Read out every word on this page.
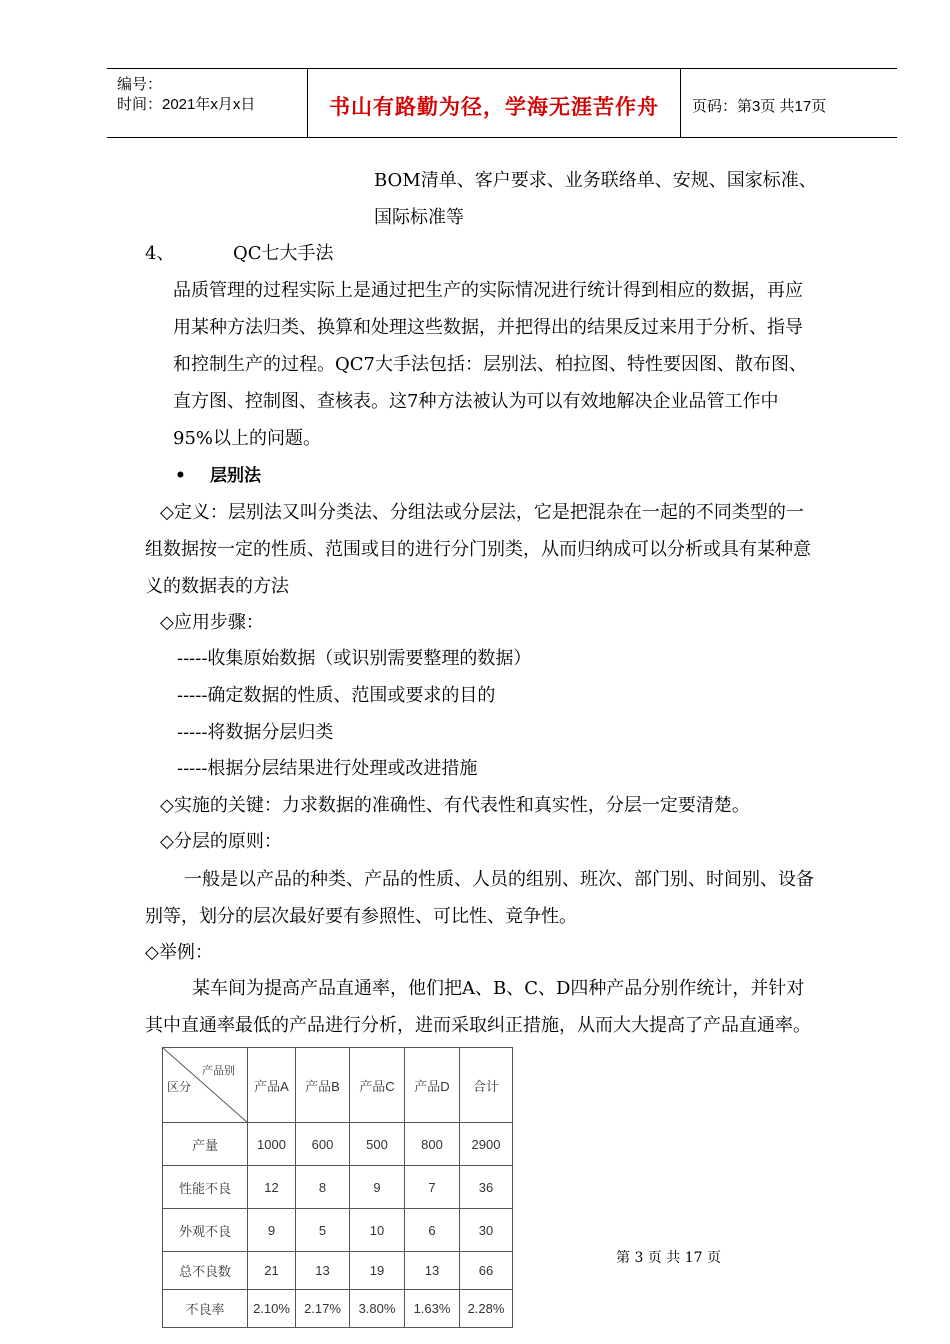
编号：
时间：2021年x月x日	书山有路勤为径，学海无涯苦作舟	页码：第3页 共17页
BOM清单、客户要求、业务联络单、安规、国家标准、
国际标准等
4、	QC七大手法
品质管理的过程实际上是通过把生产的实际情况进行统计得到相应的数据，再应
用某种方法归类、换算和处理这些数据，并把得出的结果反过来用于分析、指导
和控制生产的过程。QC7大手法包括：层别法、柏拉图、特性要因图、散布图、
直方图、控制图、查核表。这7种方法被认为可以有效地解决企业品管工作中
95%以上的问题。
• 层别法
◇定义：层别法又叫分类法、分组法或分层法，它是把混杂在一起的不同类型的一
组数据按一定的性质、范围或目的进行分门别类，从而归纳成可以分析或具有某种意
义的数据表的方法
◇应用步骤：
-----收集原始数据（或识别需要整理的数据）
-----确定数据的性质、范围或要求的目的
-----将数据分层归类
-----根据分层结果进行处理或改进措施
◇实施的关键：力求数据的准确性、有代表性和真实性，分层一定要清楚。
◇分层的原则：
一般是以产品的种类、产品的性质、人员的组别、班次、部门别、时间别、设备
别等，划分的层次最好要有参照性、可比性、竟争性。
◇举例：
某车间为提高产品直通率，他们把A、B、C、D四种产品分别作统计，并针对
其中直通率最低的产品进行分析，进而采取纠正措施，从而大大提高了产品直通率。
产品别
区分	产品A	产品B	产品C	产品D	合计
产量	1000	600	500	800	2900
性能不良	12	8	9	7	36
外观不良	9	5	10	6	30
总不良数	21	13	19	13	66
不良率	2.10%	2.17%	3.80%	1.63%	2.28%
第 3 页 共 17 页
